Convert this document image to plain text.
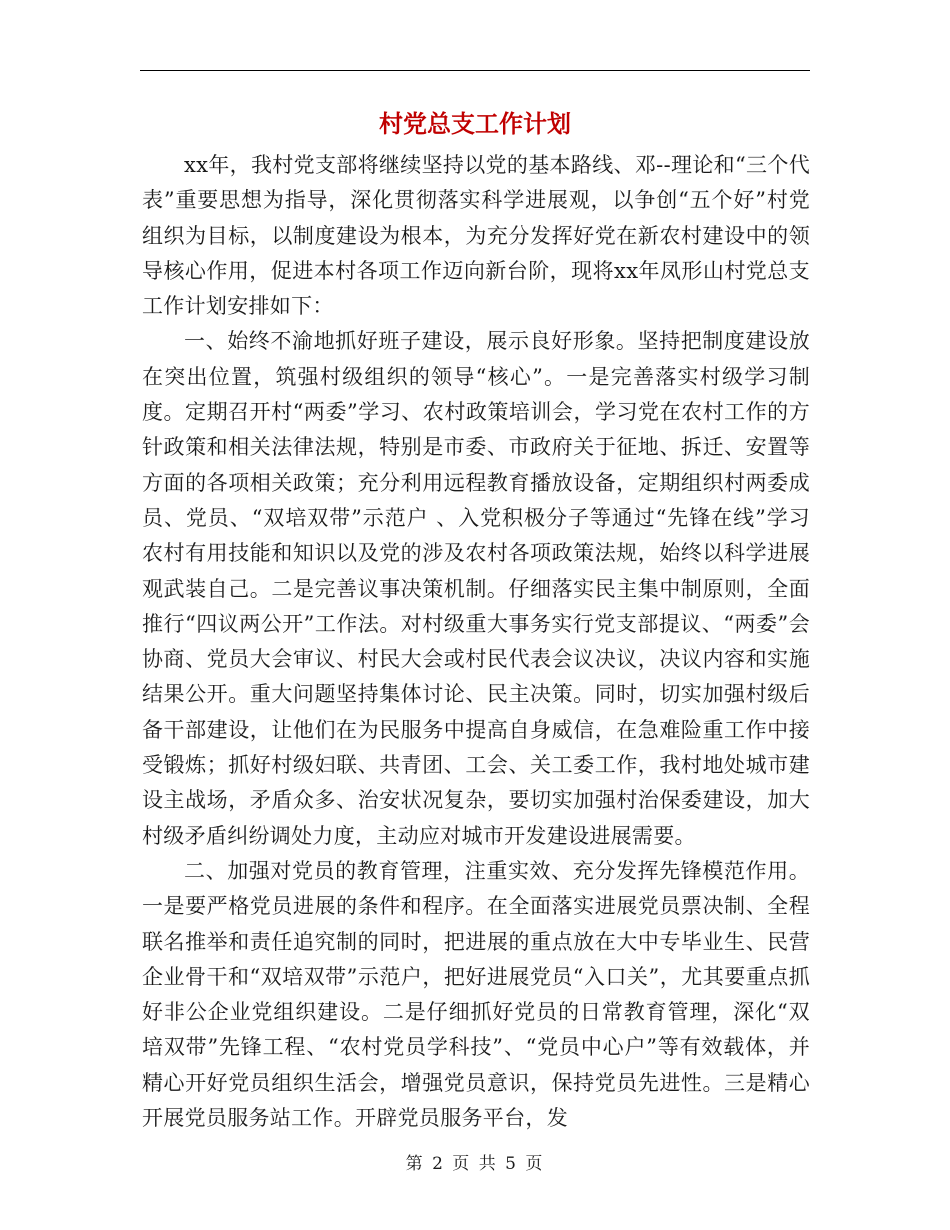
村党总支工作计划

xx年，我村党支部将继续坚持以党的基本路线、邓--理论和“三个代表”重要思想为指导，深化贯彻落实科学进展观，以争创“五个好”村党组织为目标，以制度建设为根本，为充分发挥好党在新农村建设中的领导核心作用，促进本村各项工作迈向新台阶，现将xx年凤形山村党总支工作计划安排如下：

一、始终不渝地抓好班子建设，展示良好形象。坚持把制度建设放在突出位置，筑强村级组织的领导“核心”。一是完善落实村级学习制度。定期召开村“两委”学习、农村政策培训会，学习党在农村工作的方针政策和相关法律法规，特别是市委、市政府关于征地、拆迁、安置等方面的各项相关政策；充分利用远程教育播放设备，定期组织村两委成员、党员、“双培双带”示范户 、入党积极分子等通过“先锋在线”学习农村有用技能和知识以及党的涉及农村各项政策法规，始终以科学进展观武装自己。二是完善议事决策机制。仔细落实民主集中制原则，全面推行“四议两公开”工作法。对村级重大事务实行党支部提议、“两委”会协商、党员大会审议、村民大会或村民代表会议决议，决议内容和实施结果公开。重大问题坚持集体讨论、民主决策。同时，切实加强村级后备干部建设，让他们在为民服务中提高自身威信，在急难险重工作中接受锻炼；抓好村级妇联、共青团、工会、关工委工作，我村地处城市建设主战场，矛盾众多、治安状况复杂，要切实加强村治保委建设，加大村级矛盾纠纷调处力度，主动应对城市开发建设进展需要。

二、加强对党员的教育管理，注重实效、充分发挥先锋模范作用。一是要严格党员进展的条件和程序。在全面落实进展党员票决制、全程联名推举和责任追究制的同时，把进展的重点放在大中专毕业生、民营企业骨干和“双培双带”示范户，把好进展党员“入口关”，尤其要重点抓好非公企业党组织建设。二是仔细抓好党员的日常教育管理，深化“双培双带”先锋工程、“农村党员学科技”、“党员中心户”等有效载体，并精心开好党员组织生活会，增强党员意识，保持党员先进性。三是精心开展党员服务站工作。开辟党员服务平台，发

第 2 页 共 5 页
